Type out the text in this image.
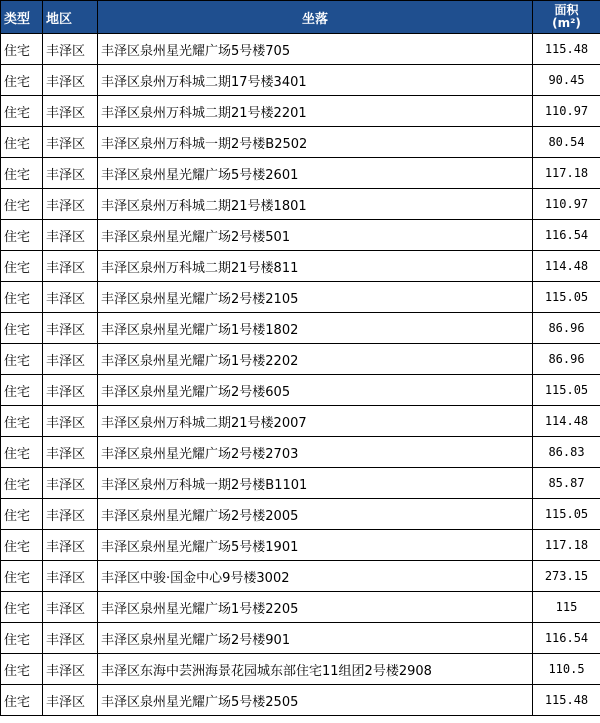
类型	地区	坐落	面积
(m²)
住宅	丰泽区	丰泽区泉州星光耀广场5号楼705	115.48
住宅	丰泽区	丰泽区泉州万科城二期17号楼3401	90.45
住宅	丰泽区	丰泽区泉州万科城二期21号楼2201	110.97
住宅	丰泽区	丰泽区泉州万科城一期2号楼B2502	80.54
住宅	丰泽区	丰泽区泉州星光耀广场5号楼2601	117.18
住宅	丰泽区	丰泽区泉州万科城二期21号楼1801	110.97
住宅	丰泽区	丰泽区泉州星光耀广场2号楼501	116.54
住宅	丰泽区	丰泽区泉州万科城二期21号楼811	114.48
住宅	丰泽区	丰泽区泉州星光耀广场2号楼2105	115.05
住宅	丰泽区	丰泽区泉州星光耀广场1号楼1802	86.96
住宅	丰泽区	丰泽区泉州星光耀广场1号楼2202	86.96
住宅	丰泽区	丰泽区泉州星光耀广场2号楼605	115.05
住宅	丰泽区	丰泽区泉州万科城二期21号楼2007	114.48
住宅	丰泽区	丰泽区泉州星光耀广场2号楼2703	86.83
住宅	丰泽区	丰泽区泉州万科城一期2号楼B1101	85.87
住宅	丰泽区	丰泽区泉州星光耀广场2号楼2005	115.05
住宅	丰泽区	丰泽区泉州星光耀广场5号楼1901	117.18
住宅	丰泽区	丰泽区中骏·国金中心9号楼3002	273.15
住宅	丰泽区	丰泽区泉州星光耀广场1号楼2205	115
住宅	丰泽区	丰泽区泉州星光耀广场2号楼901	116.54
住宅	丰泽区	丰泽区东海中芸洲海景花园城东部住宅11组团2号楼2908	110.5
住宅	丰泽区	丰泽区泉州星光耀广场5号楼2505	115.48
